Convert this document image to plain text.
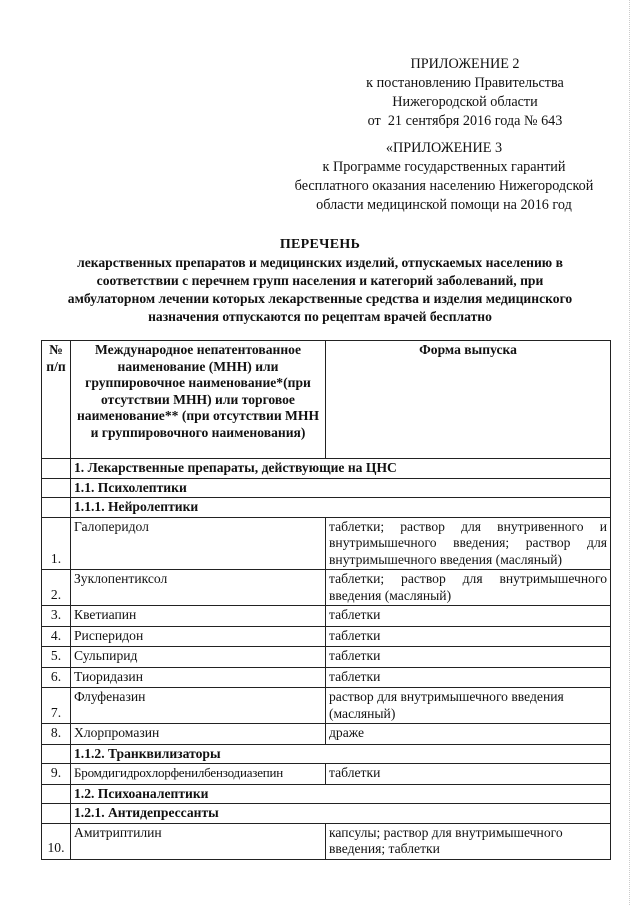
ПРИЛОЖЕНИЕ 2
к постановлению Правительства
Нижегородской области
от  21 сентября 2016 года № 643
«ПРИЛОЖЕНИЕ 3
к Программе государственных гарантий
бесплатного оказания населению Нижегородской
области медицинской помощи на 2016 год
ПЕРЕЧЕНЬ
лекарственных препаратов и медицинских изделий, отпускаемых населению в
соответствии с перечнем групп населения и категорий заболеваний, при
амбулаторном лечении которых лекарственные средства и изделия медицинского
назначения отпускаются по рецептам врачей бесплатно
№ п/п	Международное непатентованное наименование (МНН) или группировочное наименование*(при отсутствии МНН) или торговое наименование** (при отсутствии МНН и группировочного наименования)	Форма выпуска
	1. Лекарственные препараты, действующие на ЦНС	
	1.1. Психолептики	
	1.1.1. Нейролептики	
1.	Галоперидол	таблетки; раствор для внутривенного и внутримышечного введения; раствор для внутримышечного введения (масляный)
2.	Зуклопентиксол	таблетки; раствор для внутримышечного введения (масляный)
3.	Кветиапин	таблетки
4.	Рисперидон	таблетки
5.	Сульпирид	таблетки
6.	Тиоридазин	таблетки
7.	Флуфеназин	раствор для внутримышечного введения (масляный)
8.	Хлорпромазин	драже
	1.1.2. Транквилизаторы	
9.	Бромдигидрохлорфенилбензодиазепин	таблетки
	1.2. Психоаналептики	
	1.2.1. Антидепрессанты	
10.	Амитриптилин	капсулы; раствор для внутримышечного введения; таблетки
